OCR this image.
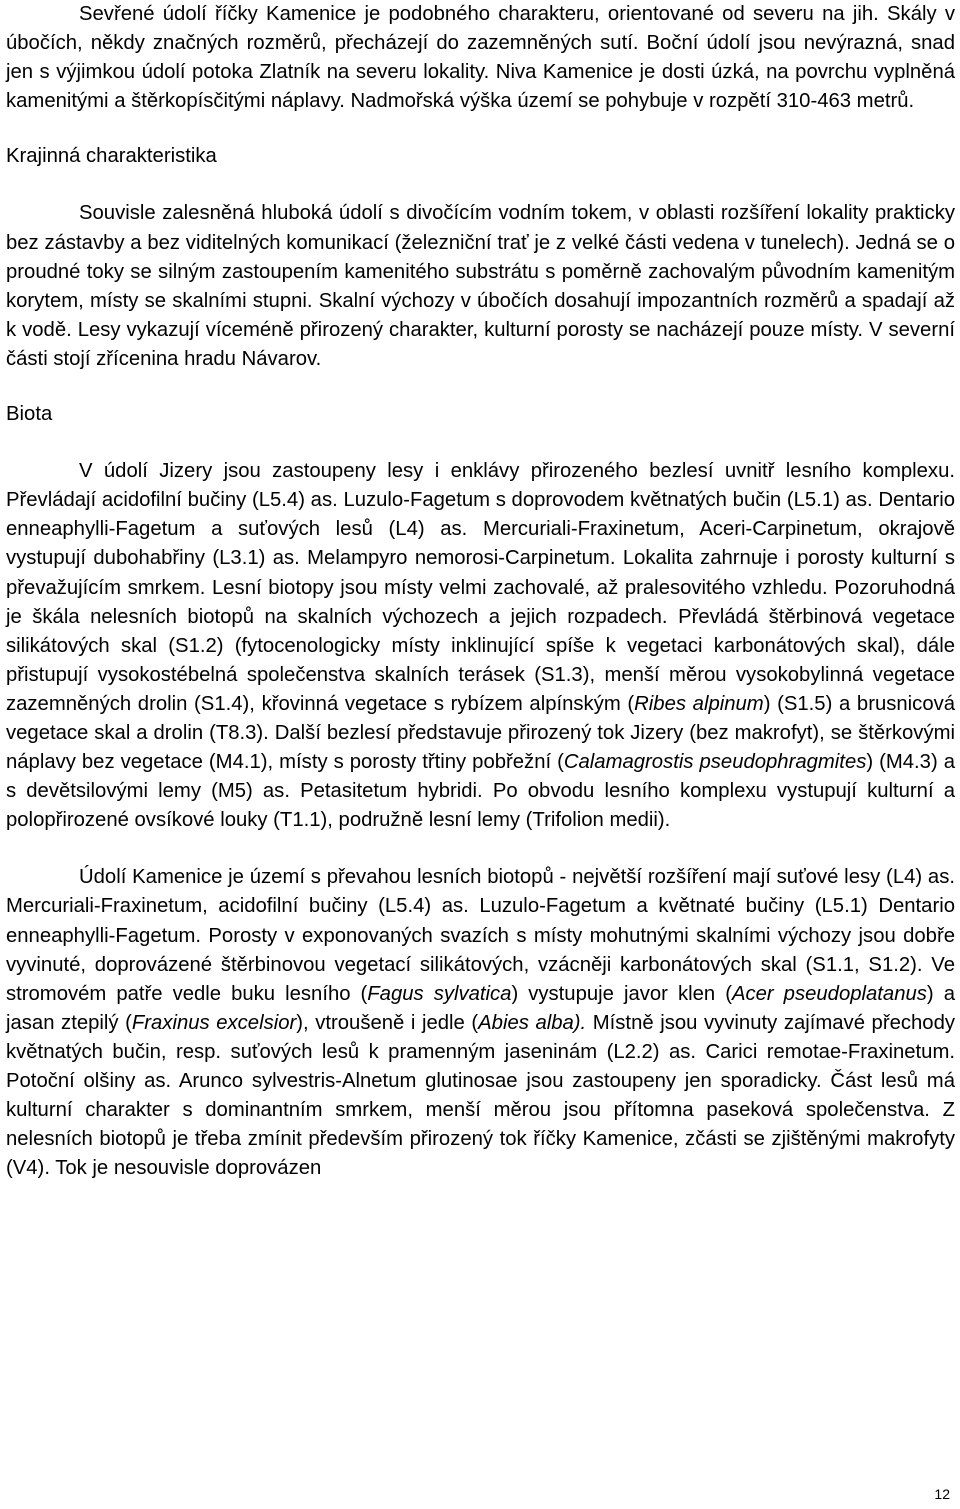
Sevřené údolí říčky Kamenice je podobného charakteru, orientované od severu na jih. Skály v úbočích, někdy značných rozměrů, přecházejí do zazemněných sutí. Boční údolí jsou nevýrazná, snad jen s výjimkou údolí potoka Zlatník na severu lokality. Niva Kamenice je dosti úzká, na povrchu vyplněná kamenitými a štěrkopísčitými náplavy. Nadmořská výška území se pohybuje v rozpětí 310-463 metrů.

Krajinná charakteristika

Souvisle zalesněná hluboká údolí s divočícím vodním tokem, v oblasti rozšíření lokality prakticky bez zástavby a bez viditelných komunikací (železniční trať je z velké části vedena v tunelech). Jedná se o proudné toky se silným zastoupením kamenitého substrátu s poměrně zachovalým původním kamenitým korytem, místy se skalními stupni. Skalní výchozy v úbočích dosahují impozantních rozměrů a spadají až k vodě. Lesy vykazují víceméně přirozený charakter, kulturní porosty se nacházejí pouze místy. V severní části stojí zřícenina hradu Návarov.

Biota

V údolí Jizery jsou zastoupeny lesy i enklávy přirozeného bezlesí uvnitř lesního komplexu. Převládají acidofilní bučiny (L5.4) as. Luzulo-Fagetum s doprovodem květnatých bučin (L5.1) as. Dentario enneaphylli-Fagetum a suťových lesů (L4) as. Mercuriali-Fraxinetum, Aceri-Carpinetum, okrajově vystupují dubohabřiny (L3.1) as. Melampyro nemorosi-Carpinetum. Lokalita zahrnuje i porosty kulturní s převažujícím smrkem. Lesní biotopy jsou místy velmi zachovalé, až pralesovitého vzhledu. Pozoruhodná je škála nelesních biotopů na skalních výchozech a jejich rozpadech. Převládá štěrbinová vegetace silikátových skal (S1.2) (fytocenologicky místy inklinující spíše k vegetaci karbonátových skal), dále přistupují vysokostébelná společenstva skalních terásek (S1.3), menší měrou vysokobylinná vegetace zazemněných drolin (S1.4), křovinná vegetace s rybízem alpínským (Ribes alpinum) (S1.5) a brusnicová vegetace skal a drolin (T8.3). Další bezlesí představuje přirozený tok Jizery (bez makrofyt), se štěrkovými náplavy bez vegetace (M4.1), místy s porosty třtiny pobřežní (Calamagrostis pseudophragmites) (M4.3) a s devětsilovými lemy (M5) as. Petasitetum hybridi. Po obvodu lesního komplexu vystupují kulturní a polopřirozené ovsíkové louky (T1.1), podružně lesní lemy (Trifolion medii).

Údolí Kamenice je území s převahou lesních biotopů - největší rozšíření mají suťové lesy (L4) as. Mercuriali-Fraxinetum, acidofilní bučiny (L5.4) as. Luzulo-Fagetum a květnaté bučiny (L5.1) Dentario enneaphylli-Fagetum. Porosty v exponovaných svazích s místy mohutnými skalními výchozy jsou dobře vyvinuté, doprovázené štěrbinovou vegetací silikátových, vzácněji karbonátových skal (S1.1, S1.2). Ve stromovém patře vedle buku lesního (Fagus sylvatica) vystupuje javor klen (Acer pseudoplatanus) a jasan ztepilý (Fraxinus excelsior), vtroušeně i jedle (Abies alba). Místně jsou vyvinuty zajímavé přechody květnatých bučin, resp. suťových lesů k pramenným jaseninám (L2.2) as. Carici remotae-Fraxinetum. Potoční olšiny as. Arunco sylvestris-Alnetum glutinosae jsou zastoupeny jen sporadicky. Část lesů má kulturní charakter s dominantním smrkem, menší měrou jsou přítomna paseková společenstva. Z nelesních biotopů je třeba zmínit především přirozený tok říčky Kamenice, zčásti se zjištěnými makrofyty (V4). Tok je nesouvisle doprovázen

12
